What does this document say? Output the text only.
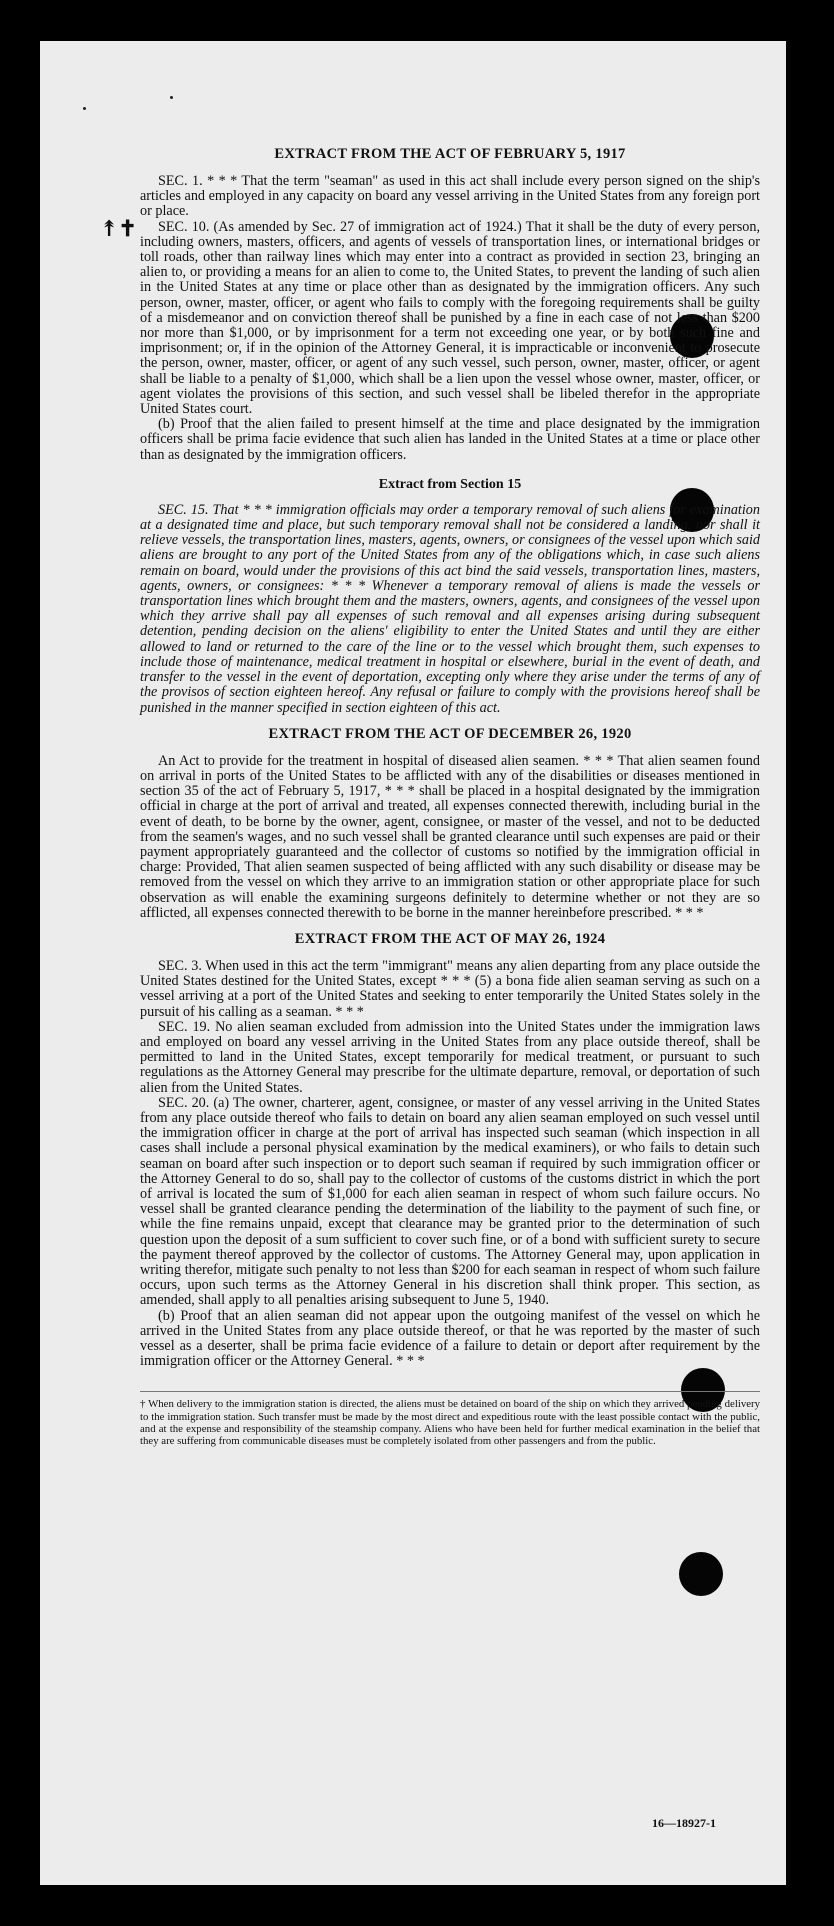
↟✝
EXTRACT FROM THE ACT OF FEBRUARY 5, 1917

SEC. 1. * * * That the term "seaman" as used in this act shall include every person signed on the ship's articles and employed in any capacity on board any vessel arriving in the United States from any foreign port or place.

SEC. 10. (As amended by Sec. 27 of immigration act of 1924.) That it shall be the duty of every person, including owners, masters, officers, and agents of vessels of transportation lines, or international bridges or toll roads, other than railway lines which may enter into a contract as provided in section 23, bringing an alien to, or providing a means for an alien to come to, the United States, to prevent the landing of such alien in the United States at any time or place other than as designated by the immigration officers. Any such person, owner, master, officer, or agent who fails to comply with the foregoing requirements shall be guilty of a misdemeanor and on conviction thereof shall be punished by a fine in each case of not less than $200 nor more than $1,000, or by imprisonment for a term not exceeding one year, or by both such fine and imprisonment; or, if in the opinion of the Attorney General, it is impracticable or inconvenient to prosecute the person, owner, master, officer, or agent of any such vessel, such person, owner, master, officer, or agent shall be liable to a penalty of $1,000, which shall be a lien upon the vessel whose owner, master, officer, or agent violates the provisions of this section, and such vessel shall be libeled therefor in the appropriate United States court.

(b) Proof that the alien failed to present himself at the time and place designated by the immigration officers shall be prima facie evidence that such alien has landed in the United States at a time or place other than as designated by the immigration officers.

Extract from Section 15

SEC. 15. That * * * immigration officials may order a temporary removal of such aliens for examination at a designated time and place, but such temporary removal shall not be considered a landing, nor shall it relieve vessels, the transportation lines, masters, agents, owners, or consignees of the vessel upon which said aliens are brought to any port of the United States from any of the obligations which, in case such aliens remain on board, would under the provisions of this act bind the said vessels, transportation lines, masters, agents, owners, or consignees: * * * Whenever a temporary removal of aliens is made the vessels or transportation lines which brought them and the masters, owners, agents, and consignees of the vessel upon which they arrive shall pay all expenses of such removal and all expenses arising during subsequent detention, pending decision on the aliens' eligibility to enter the United States and until they are either allowed to land or returned to the care of the line or to the vessel which brought them, such expenses to include those of maintenance, medical treatment in hospital or elsewhere, burial in the event of death, and transfer to the vessel in the event of deportation, excepting only where they arise under the terms of any of the provisos of section eighteen hereof. Any refusal or failure to comply with the provisions hereof shall be punished in the manner specified in section eighteen of this act.

EXTRACT FROM THE ACT OF DECEMBER 26, 1920

An Act to provide for the treatment in hospital of diseased alien seamen. * * * That alien seamen found on arrival in ports of the United States to be afflicted with any of the disabilities or diseases mentioned in section 35 of the act of February 5, 1917, * * * shall be placed in a hospital designated by the immigration official in charge at the port of arrival and treated, all expenses connected therewith, including burial in the event of death, to be borne by the owner, agent, consignee, or master of the vessel, and not to be deducted from the seamen's wages, and no such vessel shall be granted clearance until such expenses are paid or their payment appropriately guaranteed and the collector of customs so notified by the immigration official in charge: Provided, That alien seamen suspected of being afflicted with any such disability or disease may be removed from the vessel on which they arrive to an immigration station or other appropriate place for such observation as will enable the examining surgeons definitely to determine whether or not they are so afflicted, all expenses connected therewith to be borne in the manner hereinbefore prescribed. * * *

EXTRACT FROM THE ACT OF MAY 26, 1924

SEC. 3. When used in this act the term "immigrant" means any alien departing from any place outside the United States destined for the United States, except * * * (5) a bona fide alien seaman serving as such on a vessel arriving at a port of the United States and seeking to enter temporarily the United States solely in the pursuit of his calling as a seaman. * * *

SEC. 19. No alien seaman excluded from admission into the United States under the immigration laws and employed on board any vessel arriving in the United States from any place outside thereof, shall be permitted to land in the United States, except temporarily for medical treatment, or pursuant to such regulations as the Attorney General may prescribe for the ultimate departure, removal, or deportation of such alien from the United States.

SEC. 20. (a) The owner, charterer, agent, consignee, or master of any vessel arriving in the United States from any place outside thereof who fails to detain on board any alien seaman employed on such vessel until the immigration officer in charge at the port of arrival has inspected such seaman (which inspection in all cases shall include a personal physical examination by the medical examiners), or who fails to detain such seaman on board after such inspection or to deport such seaman if required by such immigration officer or the Attorney General to do so, shall pay to the collector of customs of the customs district in which the port of arrival is located the sum of $1,000 for each alien seaman in respect of whom such failure occurs. No vessel shall be granted clearance pending the determination of the liability to the payment of such fine, or while the fine remains unpaid, except that clearance may be granted prior to the determination of such question upon the deposit of a sum sufficient to cover such fine, or of a bond with sufficient surety to secure the payment thereof approved by the collector of customs. The Attorney General may, upon application in writing therefor, mitigate such penalty to not less than $200 for each seaman in respect of whom such failure occurs, upon such terms as the Attorney General in his discretion shall think proper. This section, as amended, shall apply to all penalties arising subsequent to June 5, 1940.

(b) Proof that an alien seaman did not appear upon the outgoing manifest of the vessel on which he arrived in the United States from any place outside thereof, or that he was reported by the master of such vessel as a deserter, shall be prima facie evidence of a failure to detain or deport after requirement by the immigration officer or the Attorney General. * * *

† When delivery to the immigration station is directed, the aliens must be detained on board of the ship on which they arrived pending delivery to the immigration station. Such transfer must be made by the most direct and expeditious route with the least possible contact with the public, and at the expense and responsibility of the steamship company. Aliens who have been held for further medical examination in the belief that they are suffering from communicable diseases must be completely isolated from other passengers and from the public.
16—18927-1
